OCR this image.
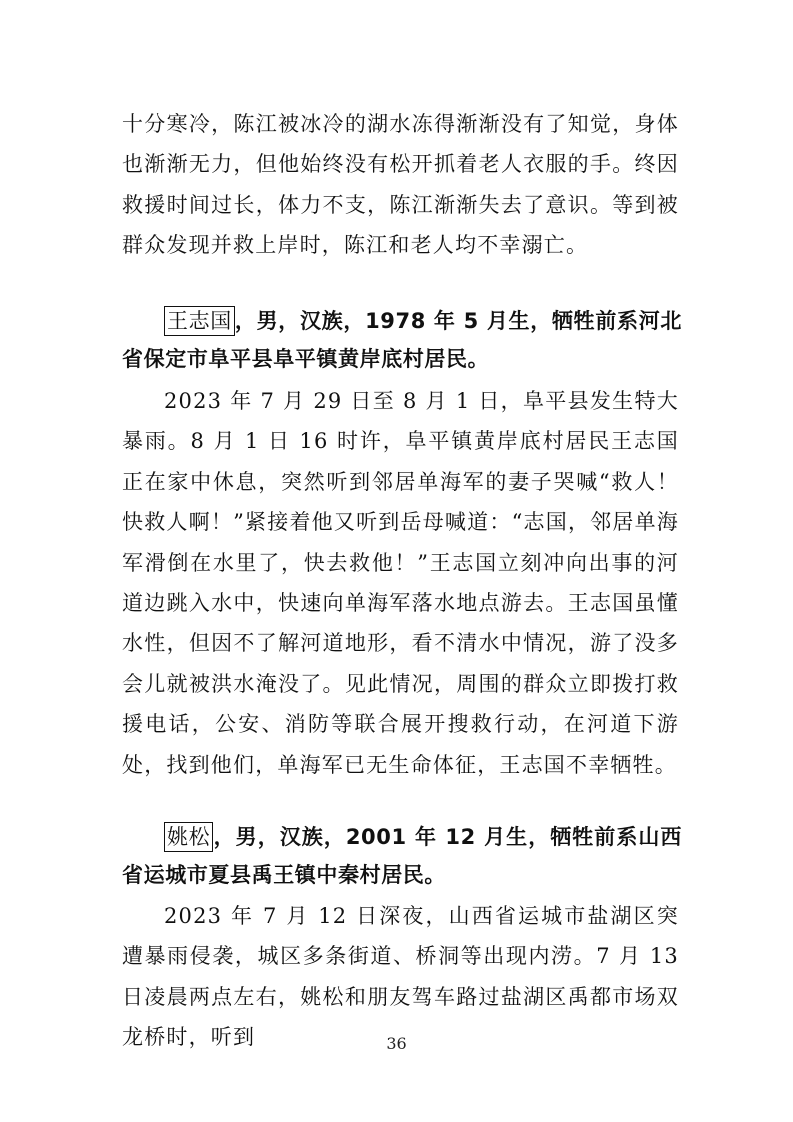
十分寒冷，陈江被冰冷的湖水冻得渐渐没有了知觉，身体也渐渐无力，但他始终没有松开抓着老人衣服的手。终因救援时间过长，体力不支，陈江渐渐失去了意识。等到被群众发现并救上岸时，陈江和老人均不幸溺亡。

王志国 ，男，汉族，1978 年 5 月生，牺牲前系河北省保定市阜平县阜平镇黄岸底村居民。

2023 年 7 月 29 日至 8 月 1 日，阜平县发生特大暴雨。8 月 1 日 16 时许，阜平镇黄岸底村居民王志国正在家中休息，突然听到邻居单海军的妻子哭喊“救人！快救人啊！”紧接着他又听到岳母喊道：“志国，邻居单海军滑倒在水里了，快去救他！”王志国立刻冲向出事的河道边跳入水中，快速向单海军落水地点游去。王志国虽懂水性，但因不了解河道地形，看不清水中情况，游了没多会儿就被洪水淹没了。见此情况，周围的群众立即拨打救援电话，公安、消防等联合展开搜救行动，在河道下游处，找到他们，单海军已无生命体征，王志国不幸牺牲。

姚松 ，男，汉族，2001 年 12 月生，牺牲前系山西省运城市夏县禹王镇中秦村居民。

2023 年 7 月 12 日深夜，山西省运城市盐湖区突遭暴雨侵袭，城区多条街道、桥洞等出现内涝。7 月 13 日凌晨两点左右，姚松和朋友驾车路过盐湖区禹都市场双龙桥时，听到	36
